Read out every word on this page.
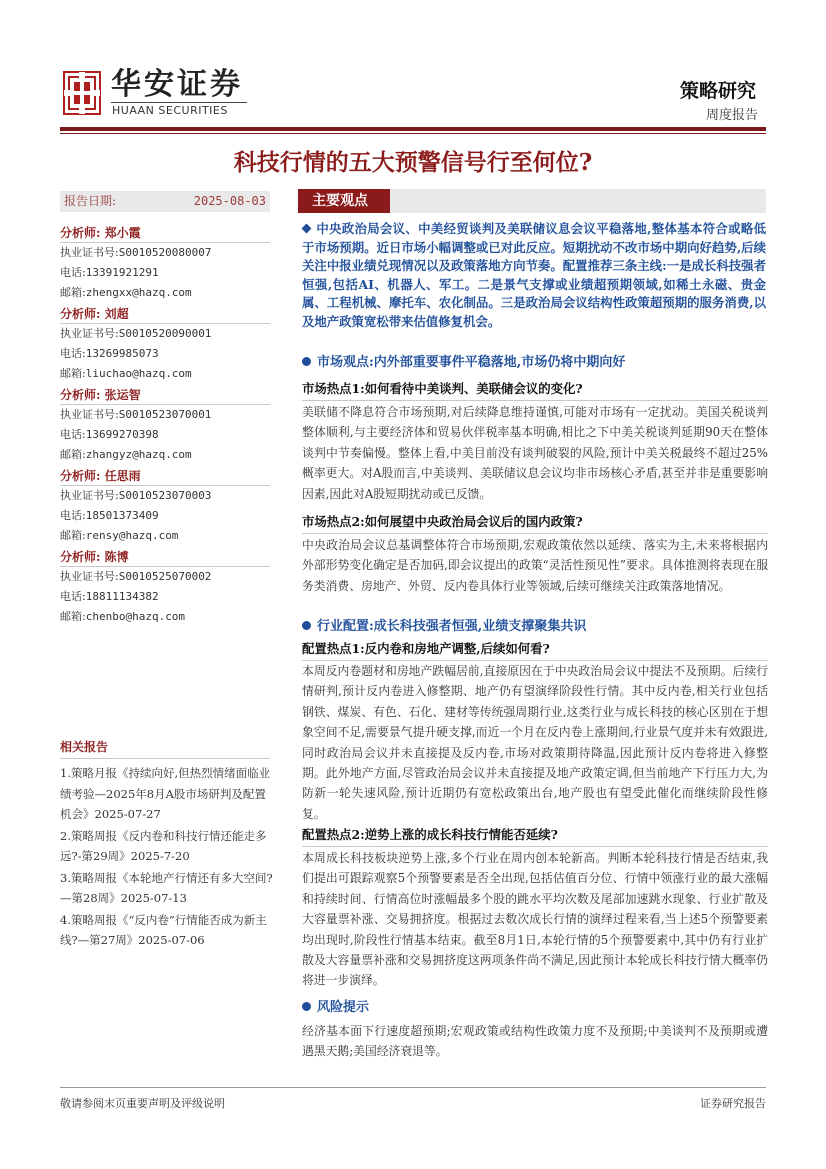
华安证券
HUAAN SECURITIES
策略研究
周度报告
科技行情的五大预警信号行至何位?
报告日期:	2025-08-03
分析师: 郑小霞
执业证书号:S0010520080007
电话:13391921291
邮箱:zhengxx@hazq.com
分析师: 刘超
执业证书号:S0010520090001
电话:13269985073
邮箱:liuchao@hazq.com
分析师: 张运智
执业证书号:S0010523070001
电话:13699270398
邮箱:zhangyz@hazq.com
分析师: 任思雨
执业证书号:S0010523070003
电话:18501373409
邮箱:rensy@hazq.com
分析师: 陈博
执业证书号:S0010525070002
电话:18811134382
邮箱:chenbo@hazq.com
相关报告
1.策略月报《持续向好,但热烈情绪面临业绩考验—2025年8月A股市场研判及配置机会》2025-07-27
2.策略周报《反内卷和科技行情还能走多远?-第29周》2025-7-20
3.策略周报《本轮地产行情还有多大空间?—第28周》2025-07-13
4.策略周报《“反内卷”行情能否成为新主线?—第27周》2025-07-06
主要观点
中央政治局会议、中美经贸谈判及美联储议息会议平稳落地,整体基本符合或略低于市场预期。近日市场小幅调整或已对此反应。短期扰动不改市场中期向好趋势,后续关注中报业绩兑现情况以及政策落地方向节奏。配置推荐三条主线:一是成长科技强者恒强,包括AI、机器人、军工。二是景气支撑或业绩超预期领域,如稀土永磁、贵金属、工程机械、摩托车、农化制品。三是政治局会议结构性政策超预期的服务消费,以及地产政策宽松带来估值修复机会。
市场观点:内外部重要事件平稳落地,市场仍将中期向好
市场热点1:如何看待中美谈判、美联储会议的变化?
美联储不降息符合市场预期,对后续降息维持谨慎,可能对市场有一定扰动。美国关税谈判整体顺利,与主要经济体和贸易伙伴税率基本明确,相比之下中美关税谈判延期90天在整体谈判中节奏偏慢。整体上看,中美目前没有谈判破裂的风险,预计中美关税最终不超过25%概率更大。对A股而言,中美谈判、美联储议息会议均非市场核心矛盾,甚至并非是重要影响因素,因此对A股短期扰动或已反馈。
市场热点2:如何展望中央政治局会议后的国内政策?
中央政治局会议总基调整体符合市场预期,宏观政策依然以延续、落实为主,未来将根据内外部形势变化确定是否加码,即会议提出的政策“灵活性预见性”要求。具体推测将表现在服务类消费、房地产、外贸、反内卷具体行业等领域,后续可继续关注政策落地情况。
行业配置:成长科技强者恒强,业绩支撑聚集共识
配置热点1:反内卷和房地产调整,后续如何看?
本周反内卷题材和房地产跌幅居前,直接原因在于中央政治局会议中提法不及预期。后续行情研判,预计反内卷进入修整期、地产仍有望演绎阶段性行情。其中反内卷,相关行业包括钢铁、煤炭、有色、石化、建材等传统强周期行业,这类行业与成长科技的核心区别在于想象空间不足,需要景气提升硬支撑,而近一个月在反内卷上涨期间,行业景气度并未有效跟进,同时政治局会议并未直接提及反内卷,市场对政策期待降温,因此预计反内卷将进入修整期。此外地产方面,尽管政治局会议并未直接提及地产政策定调,但当前地产下行压力大,为防新一轮失速风险,预计近期仍有宽松政策出台,地产股也有望受此催化而继续阶段性修复。
配置热点2:逆势上涨的成长科技行情能否延续?
本周成长科技板块逆势上涨,多个行业在周内创本轮新高。判断本轮科技行情是否结束,我们提出可跟踪观察5个预警要素是否全出现,包括估值百分位、行情中领涨行业的最大涨幅和持续时间、行情高位时涨幅最多个股的跳水平均次数及尾部加速跳水现象、行业扩散及大容量票补涨、交易拥挤度。根据过去数次成长行情的演绎过程来看,当上述5个预警要素均出现时,阶段性行情基本结束。截至8月1日,本轮行情的5个预警要素中,其中仍有行业扩散及大容量票补涨和交易拥挤度这两项条件尚不满足,因此预计本轮成长科技行情大概率仍将进一步演绎。
风险提示
经济基本面下行速度超预期;宏观政策或结构性政策力度不及预期;中美谈判不及预期或遭遇黑天鹅;美国经济衰退等。
敬请参阅末页重要声明及评级说明	证券研究报告
